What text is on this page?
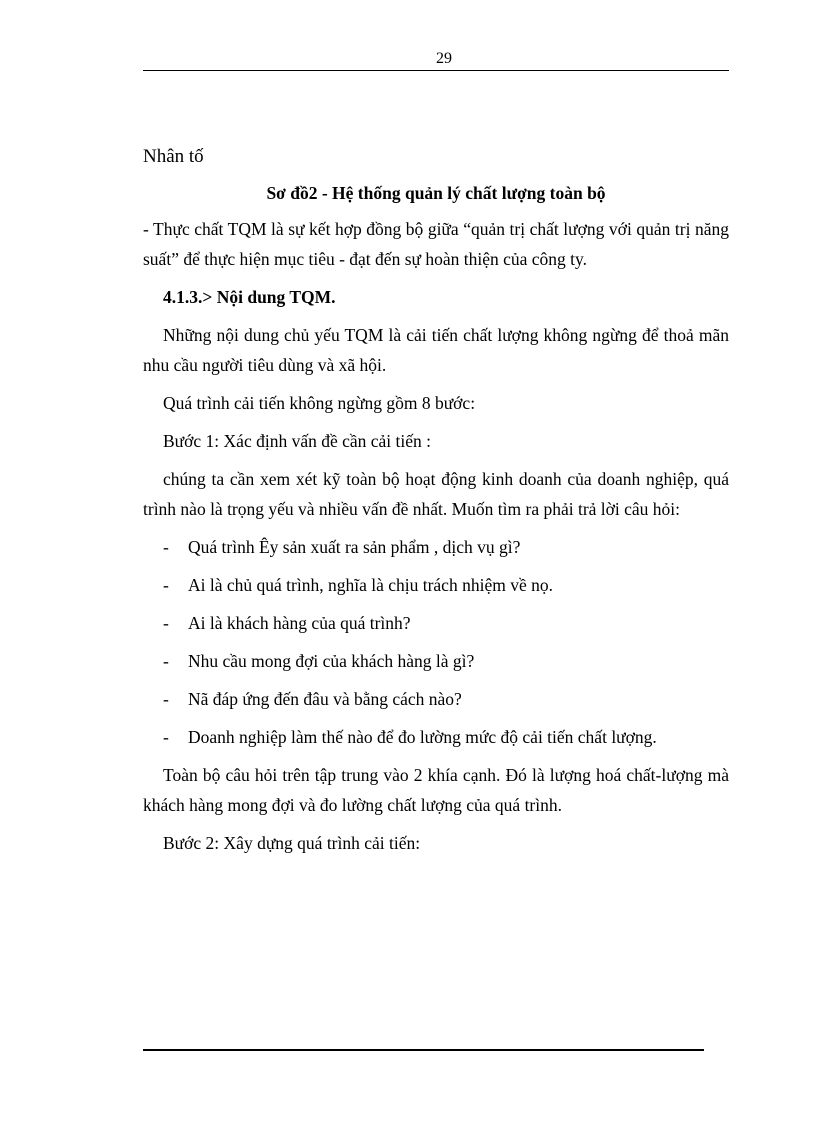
29
Nhân tố
Sơ đồ2 - Hệ thống quản lý chất lượng toàn bộ

- Thực chất TQM là sự kết hợp đồng bộ giữa “quản trị chất lượng với quản trị năng suất” để thực hiện mục tiêu - đạt đến sự hoàn thiện của công ty.

4.1.3.> Nội dung TQM.

Những nội dung chủ yếu TQM là cải tiến chất lượng không ngừng để thoả mãn nhu cầu người tiêu dùng và xã hội.

Quá trình cải tiến không ngừng gồm 8 bước:

Bước 1: Xác định vấn đề cần cải tiến :

chúng ta cần xem xét kỹ toàn bộ hoạt động kinh doanh của doanh nghiệp, quá trình nào là trọng yếu và nhiều vấn đề nhất. Muốn tìm ra phải trả lời câu hỏi:

- Quá trình Êy sản xuất ra sản phẩm , dịch vụ gì?
- Ai là chủ quá trình, nghĩa là chịu trách nhiệm về nọ.
- Ai là khách hàng của quá trình?
- Nhu cầu mong đợi của khách hàng là gì?
- Nã đáp ứng đến đâu và bằng cách nào?
- Doanh nghiệp làm thế nào để đo lường mức độ cải tiến chất lượng.

Toàn bộ câu hỏi trên tập trung vào 2 khía cạnh. Đó là lượng hoá chất-lượng mà khách hàng mong đợi và đo lường chất lượng của quá trình.

Bước 2: Xây dựng quá trình cải tiến:
